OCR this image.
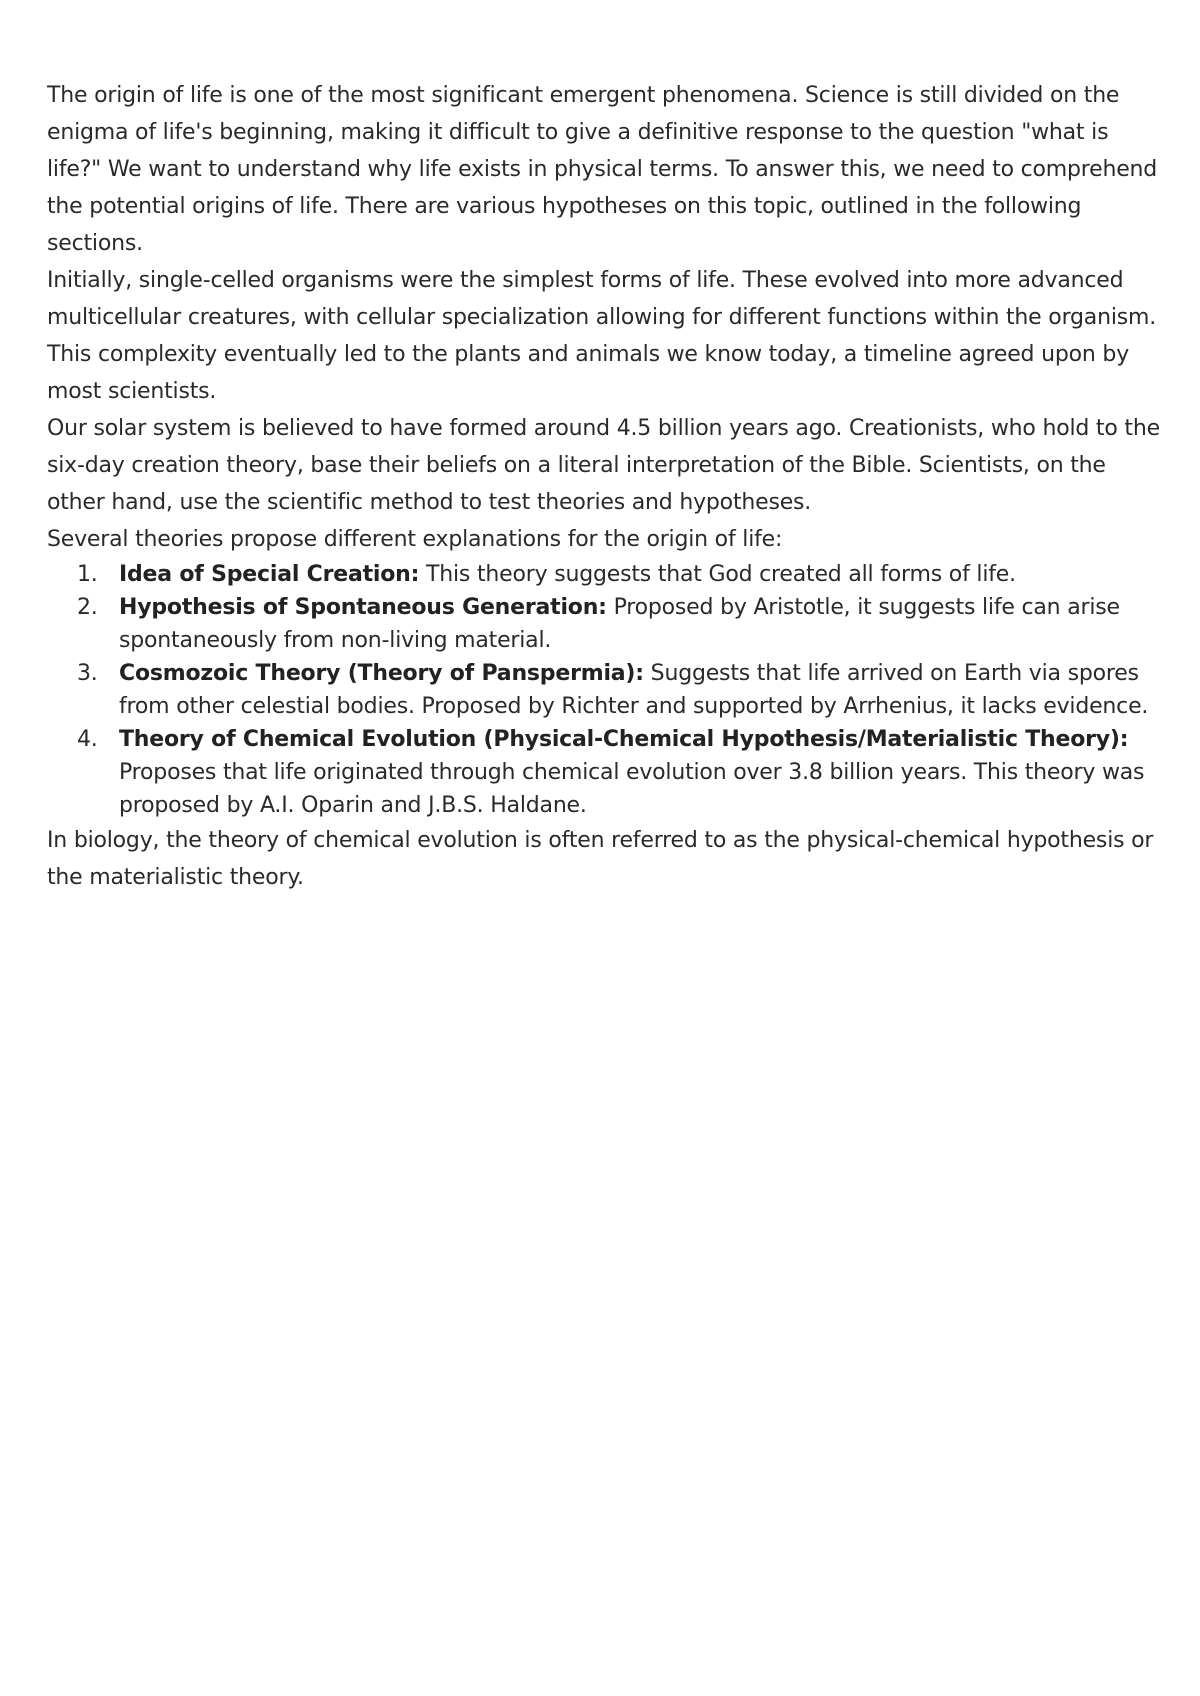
The origin of life is one of the most significant emergent phenomena. Science is still divided on the enigma of life's beginning, making it difficult to give a definitive response to the question "what is life?" We want to understand why life exists in physical terms. To answer this, we need to comprehend the potential origins of life. There are various hypotheses on this topic, outlined in the following sections.

Initially, single-celled organisms were the simplest forms of life. These evolved into more advanced multicellular creatures, with cellular specialization allowing for different functions within the organism. This complexity eventually led to the plants and animals we know today, a timeline agreed upon by most scientists.

Our solar system is believed to have formed around 4.5 billion years ago. Creationists, who hold to the six-day creation theory, base their beliefs on a literal interpretation of the Bible. Scientists, on the other hand, use the scientific method to test theories and hypotheses.

Several theories propose different explanations for the origin of life:

1. Idea of Special Creation: This theory suggests that God created all forms of life.
2. Hypothesis of Spontaneous Generation: Proposed by Aristotle, it suggests life can arise spontaneously from non-living material.
3. Cosmozoic Theory (Theory of Panspermia): Suggests that life arrived on Earth via spores from other celestial bodies. Proposed by Richter and supported by Arrhenius, it lacks evidence.
4. Theory of Chemical Evolution (Physical-Chemical Hypothesis/Materialistic Theory): Proposes that life originated through chemical evolution over 3.8 billion years. This theory was proposed by A.I. Oparin and J.B.S. Haldane.

In biology, the theory of chemical evolution is often referred to as the physical-chemical hypothesis or the materialistic theory.
